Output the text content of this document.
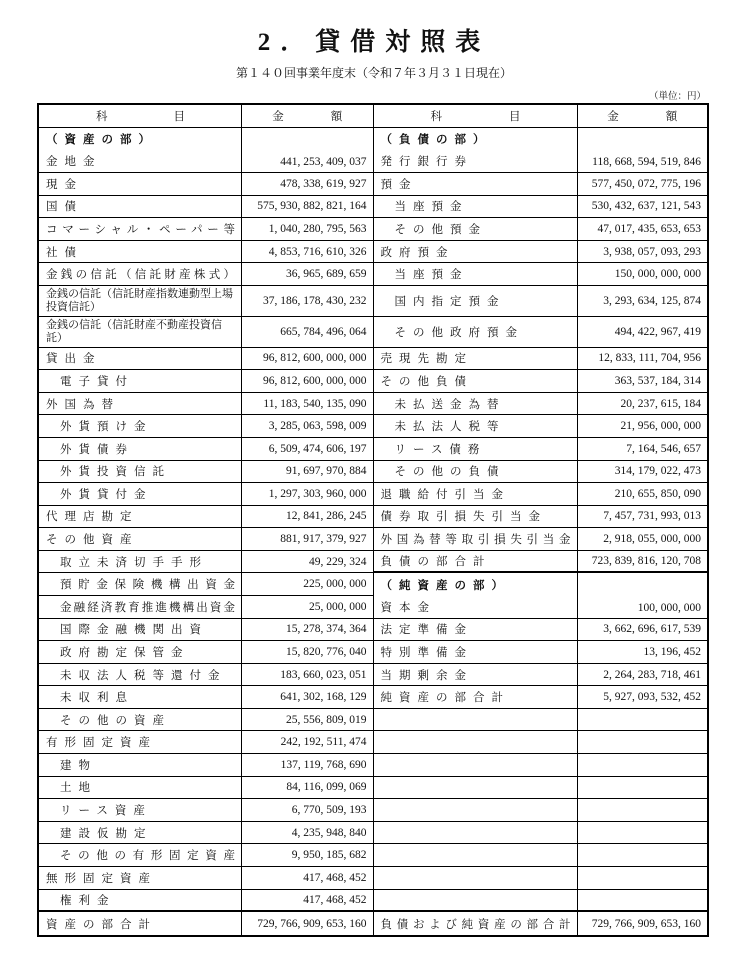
2．貸借対照表
第１４０回事業年度末（令和７年３月３１日現在）
（単位：円）
科	目	金	額
（資産の部）
金地金	441, 253, 409, 037
現金	478, 338, 619, 927
国債	575, 930, 882, 821, 164
コマーシャル・ペーパー等	1, 040, 280, 795, 563
社債	4, 853, 716, 610, 326
金銭の信託（信託財産株式）	36, 965, 689, 659
金銭の信託（信託財産指数連動型上場投資信託）	37, 186, 178, 430, 232
金銭の信託（信託財産不動産投資信託）	665, 784, 496, 064
貸出金	96, 812, 600, 000, 000
電子貸付	96, 812, 600, 000, 000
外国為替	11, 183, 540, 135, 090
外貨預け金	3, 285, 063, 598, 009
外貨債券	6, 509, 474, 606, 197
外貨投資信託	91, 697, 970, 884
外貨貸付金	1, 297, 303, 960, 000
代理店勘定	12, 841, 286, 245
その他資産	881, 917, 379, 927
取立未済切手手形	49, 229, 324
預貯金保険機構出資金	225, 000, 000
金融経済教育推進機構出資金	25, 000, 000
国際金融機関出資	15, 278, 374, 364
政府勘定保管金	15, 820, 776, 040
未収法人税等還付金	183, 660, 023, 051
未収利息	641, 302, 168, 129
その他の資産	25, 556, 809, 019
有形固定資産	242, 192, 511, 474
建物	137, 119, 768, 690
土地	84, 116, 099, 069
リース資産	6, 770, 509, 193
建設仮勘定	4, 235, 948, 840
その他の有形固定資産	9, 950, 185, 682
無形固定資産	417, 468, 452
権利金	417, 468, 452
資産の部合計	729, 766, 909, 653, 160
科	目	金	額
（負債の部）
発行銀行券	118, 668, 594, 519, 846
預金	577, 450, 072, 775, 196
当座預金	530, 432, 637, 121, 543
その他預金	47, 017, 435, 653, 653
政府預金	3, 938, 057, 093, 293
当座預金	150, 000, 000, 000
国内指定預金	3, 293, 634, 125, 874
その他政府預金	494, 422, 967, 419
売現先勘定	12, 833, 111, 704, 956
その他負債	363, 537, 184, 314
未払送金為替	20, 237, 615, 184
未払法人税等	21, 956, 000, 000
リース債務	7, 164, 546, 657
その他の負債	314, 179, 022, 473
退職給付引当金	210, 655, 850, 090
債券取引損失引当金	7, 457, 731, 993, 013
外国為替等取引損失引当金 2, 918, 055, 000, 000
負債の部合計	723, 839, 816, 120, 708
（純資産の部）
資本金	100, 000, 000
法定準備金	3, 662, 696, 617, 539
特別準備金	13, 196, 452
当期剰余金	2, 264, 283, 718, 461
純資産の部合計	5, 927, 093, 532, 452
負債および純資産の部合計 729, 766, 909, 653, 160
